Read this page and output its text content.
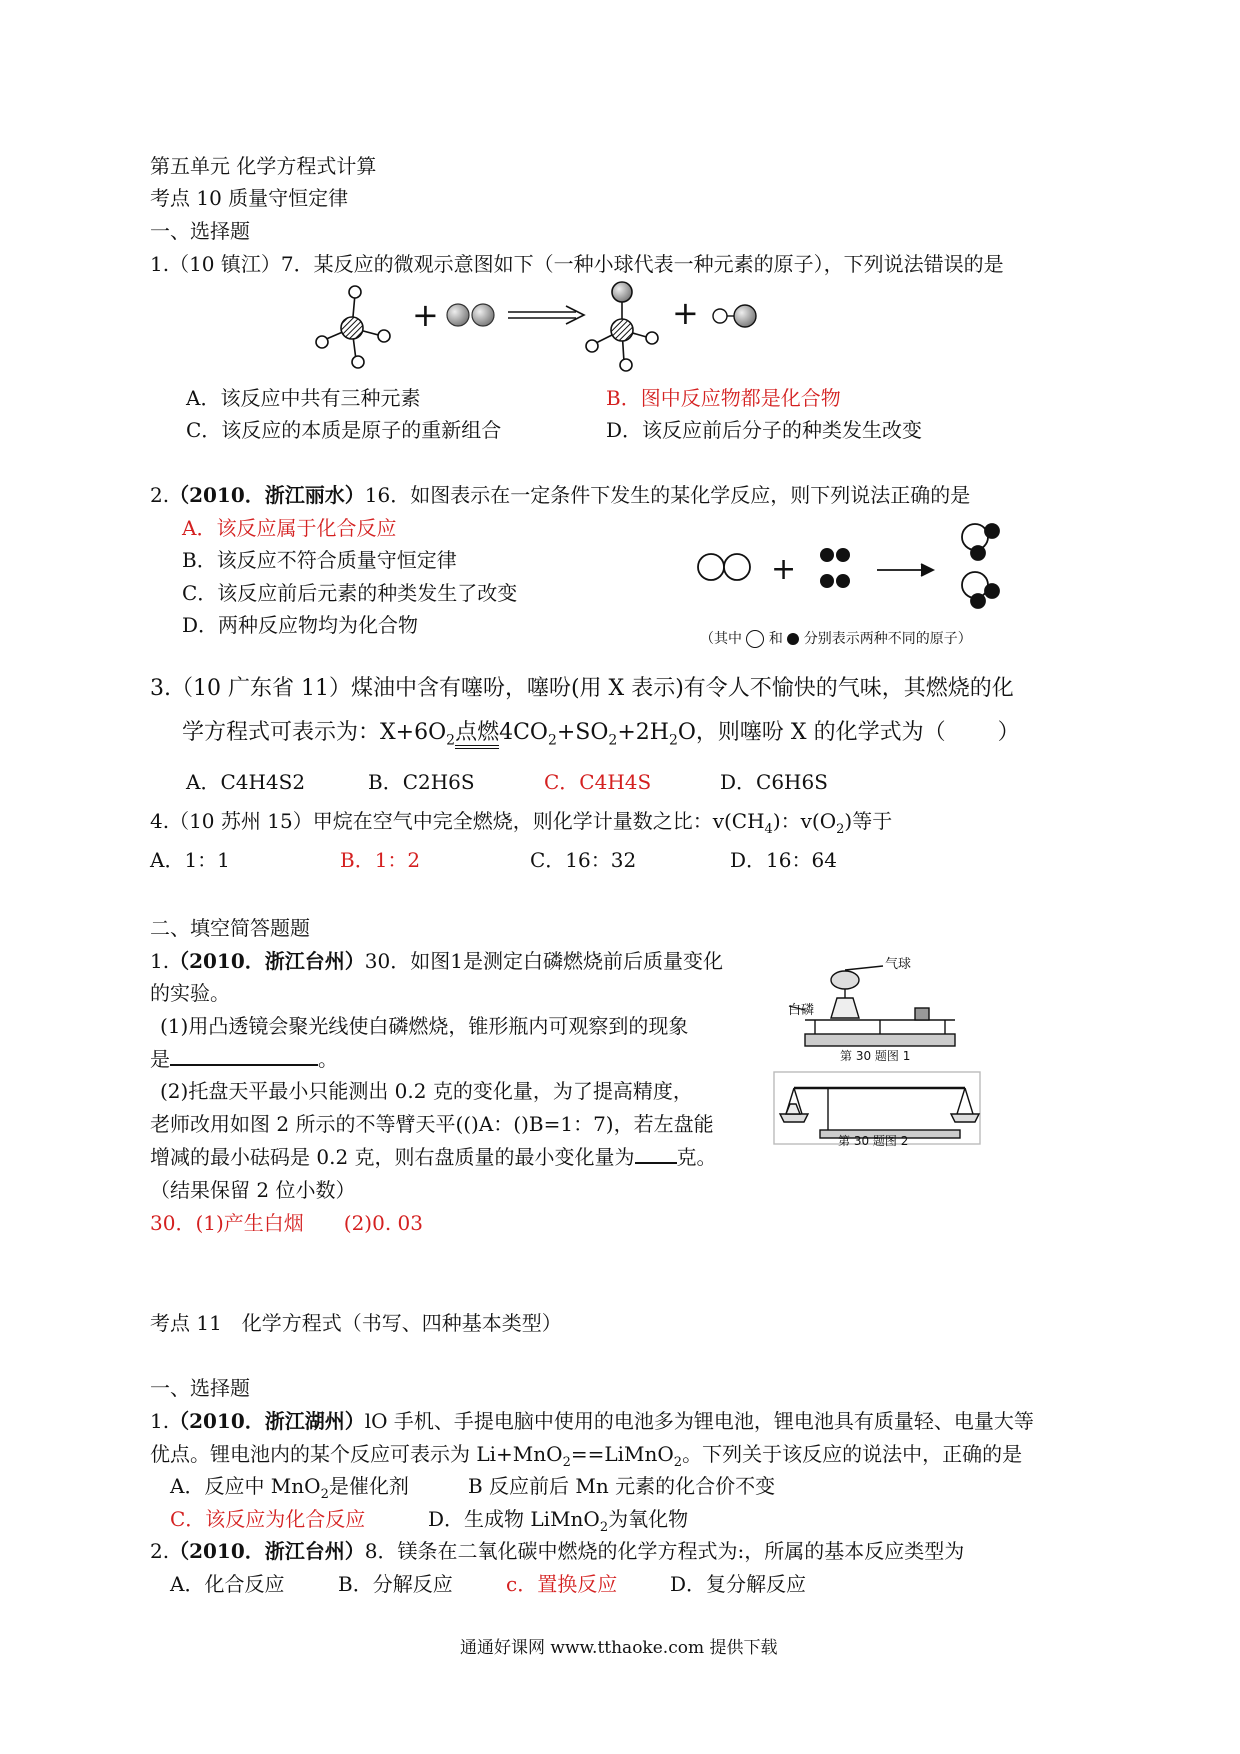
第五单元 化学方程式计算
考点 10 质量守恒定律
一、选择题
1.（10 镇江）7．某反应的微观示意图如下（一种小球代表一种元素的原子），下列说法错误的是
+	+
A．该反应中共有三种元素	B．图中反应物都是化合物
C．该反应的本质是原子的重新组合	D．该反应前后分子的种类发生改变
2.（2010．浙江丽水）16．如图表示在一定条件下发生的某化学反应，则下列说法正确的是
A．该反应属于化合反应
B．该反应不符合质量守恒定律
C．该反应前后元素的种类发生了改变
D．两种反应物均为化合物
+
（其中 和 分别表示两种不同的原子）
3.（10 广东省 11）煤油中含有噻吩，噻吩(用 X 表示)有令人不愉快的气味，其燃烧的化
学方程式可表示为：$X+6O_2$点燃$4CO_2+SO_2+2H_2O$，则噻吩 X 的化学式为（ ）
A．C4H4S2	B．C2H6S	C．C4H4S	D．C6H6S
4.（10 苏州 15）甲烷在空气中完全燃烧，则化学计量数之比：$v(CH_4)$：$v(O_2)$等于
A．1：1	B．1：2	C．16：32	D．16：64
二、填空简答题题
1.（2010．浙江台州）30．如图1是测定白磷燃烧前后质量变化
的实验。
(1)用凸透镜会聚光线使白磷燃烧，锥形瓶内可观察到的现象
是	。
(2)托盘天平最小只能测出 0.2 克的变化量，为了提高精度，
老师改用如图 2 所示的不等臂天平(()A：()B=1：7)，若左盘能
增减的最小砝码是 0.2 克，则右盘质量的最小变化量为 克。
（结果保留 2 位小数）
30．(1)产生白烟　　(2)0. 03
气球
白磷
第 30 题图 1
第 30 题图 2
考点 11　化学方程式（书写、四种基本类型）
一、选择题
1.（2010．浙江湖州）lO 手机、手提电脑中使用的电池多为锂电池，锂电池具有质量轻、电量大等
优点。锂电池内的某个反应可表示为 Li+MnO$_2$==LiMnO$_2$。下列关于该反应的说法中，正确的是
A．反应中 MnO$_2$是催化剂	B 反应前后 Mn 元素的化合价不变
C．该反应为化合反应	D．生成物 LiMnO$_2$为氧化物
2.（2010．浙江台州）8．镁条在二氧化碳中燃烧的化学方程式为:，所属的基本反应类型为
A．化合反应	B．分解反应	c．置换反应	D．复分解反应
通通好课网 www.tthaoke.com 提供下载
